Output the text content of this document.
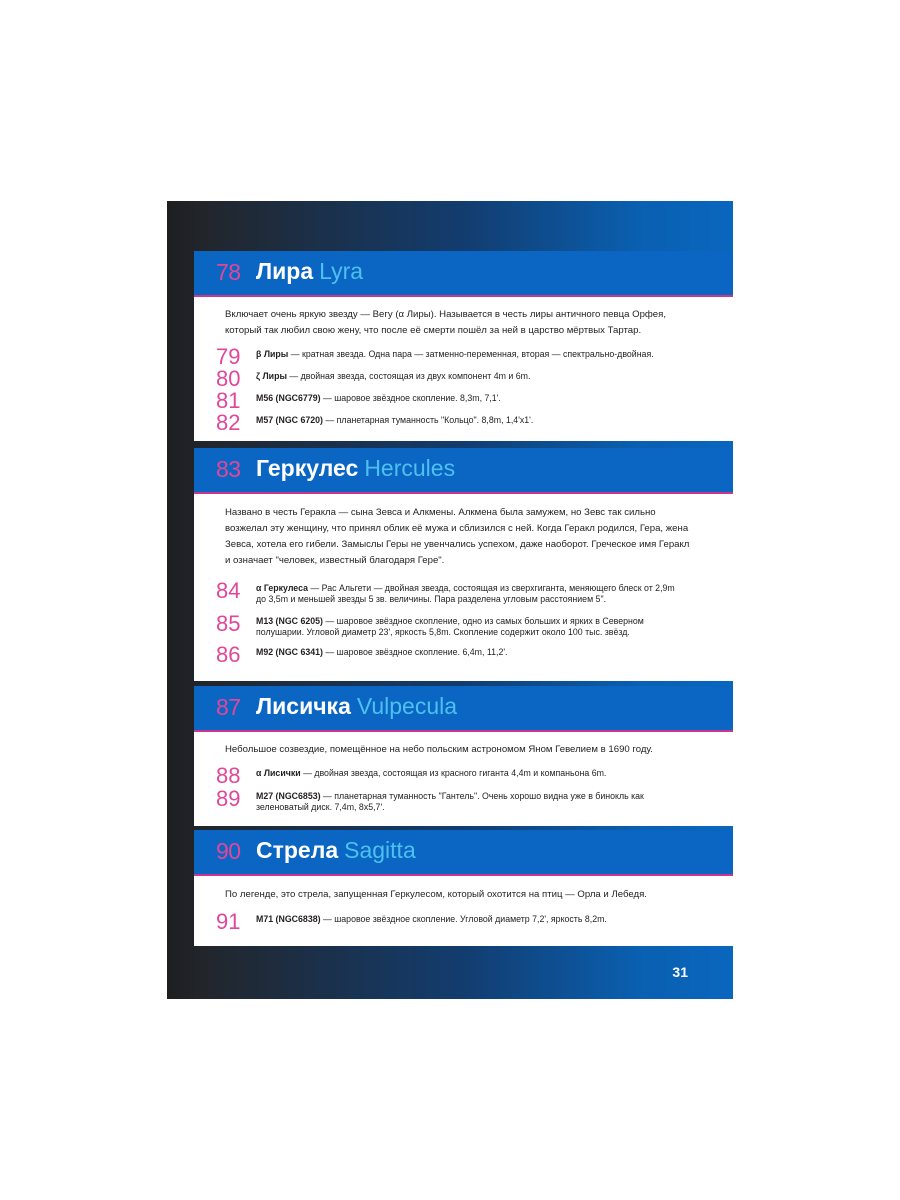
78 Лира Lyra
Включает очень яркую звезду — Вегу (α Лиры). Называется в честь лиры античного певца Орфея, который так любил свою жену, что после её смерти пошёл за ней в царство мёртвых Тартар.
79 β Лиры — кратная звезда. Одна пара — затменно-переменная, вторая — спектрально-двойная.
80 ζ Лиры — двойная звезда, состоящая из двух компонент 4m и 6m.
81 M56 (NGC6779) — шаровое звёздное скопление. 8,3m, 7,1'.
82 M57 (NGC 6720) — планетарная туманность "Кольцо". 8,8m, 1,4'x1'.
83 Геркулес Hercules
Названо в честь Геракла — сына Зевса и Алкмены. Алкмена была замужем, но Зевс так сильно возжелал эту женщину, что принял облик её мужа и сблизился с ней. Когда Геракл родился, Гера, жена Зевса, хотела его гибели. Замыслы Геры не увенчались успехом, даже наоборот. Греческое имя Геракл и означает "человек, известный благодаря Гере".
84 α Геркулеса — Рас Альгети — двойная звезда, состоящая из сверхгиганта, меняющего блеск от 2,9m до 3,5m и меньшей звезды 5 зв. величины. Пара разделена угловым расстоянием 5".
85 M13 (NGC 6205) — шаровое звёздное скопление, одно из самых больших и ярких в Северном полушарии. Угловой диаметр 23', яркость 5,8m. Скопление содержит около 100 тыс. звёзд.
86 M92 (NGC 6341) — шаровое звёздное скопление. 6,4m, 11,2'.
87 Лисичка Vulpecula
Небольшое созвездие, помещённое на небо польским астрономом Яном Гевелием в 1690 году.
88 α Лисички — двойная звезда, состоящая из красного гиганта 4,4m и компаньона 6m.
89 M27 (NGC6853) — планетарная туманность "Гантель". Очень хорошо видна уже в бинокль как зеленоватый диск. 7,4m, 8x5,7'.
90 Стрела Sagitta
По легенде, это стрела, запущенная Геркулесом, который охотится на птиц — Орла и Лебедя.
91 M71 (NGC6838) — шаровое звёздное скопление. Угловой диаметр 7,2', яркость 8,2m.
31
